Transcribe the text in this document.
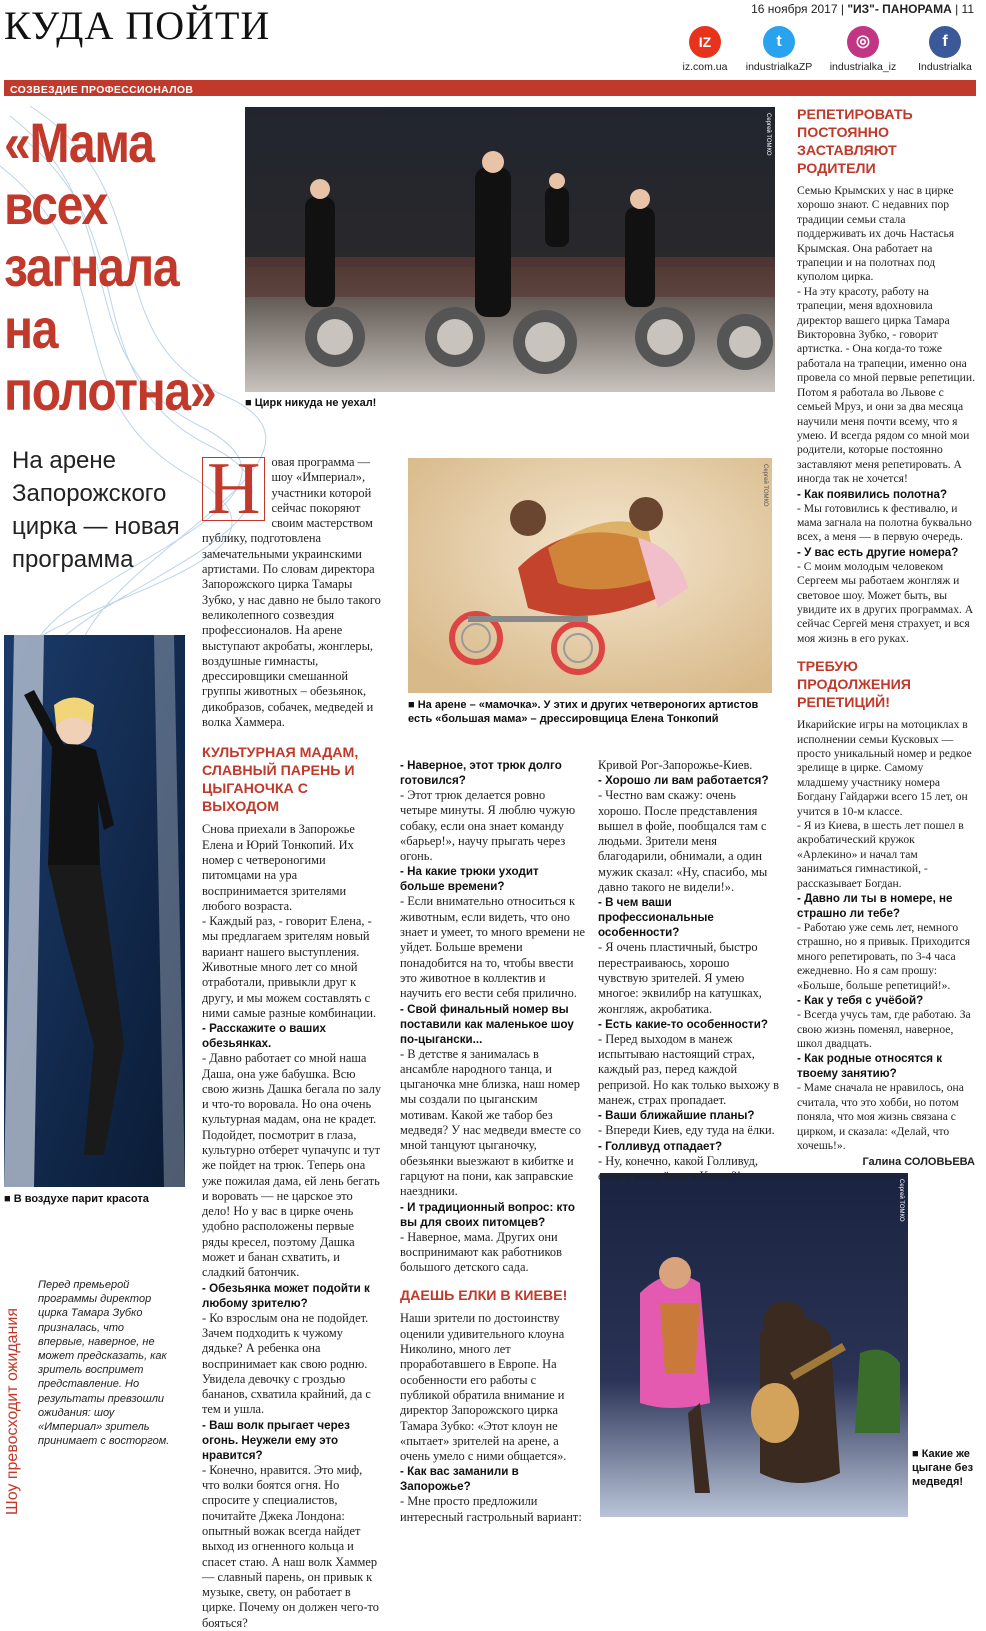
КУДА ПОЙТИ	16 ноября 2017 | "ИЗ"- ПАНОРАМА | 11
IZ
iz.com.ua
t
industrialkaZP
◎
industrialka_iz
f
Industrialka
СОЗВЕЗДИЕ ПРОФЕССИОНАЛОВ
«Мама всех загнала на полотна»
На арене Запорожского цирка — новая программа
Сергей ТОМКО
■ Цирк никуда не уехал!
Сергей ТОМКО
■ На арене – «мамочка». У этих и других четвероногих артистов есть «большая мама» – дрессировщица Елена Тонкопий
■ В воздухе парит красота	Сергей ТОМКО
■ Какие же цыгане без медведя!
Шоу превосходит ожидания
Перед премьерой программы директор цирка Тамара Зубко призналась, что впервые, наверное, не может предсказать, как зритель воспримет представление. Но результаты превзошли ожидания: шоу «Империал» зритель принимает с восторгом.

Н овая программа — шоу «Империал», участники которой сейчас покоряют своим мастерством публику, подготовлена замечательными украинскими артистами. По словам директора Запорожского цирка Тамары Зубко, у нас давно не было такого великолепного созвездия профессионалов. На арене выступают акробаты, жонглеры, воздушные гимнасты, дрессировщики смешанной группы животных – обезьянок, дикобразов, собачек, медведей и волка Хаммера.

КУЛЬТУРНАЯ МАДАМ, СЛАВНЫЙ ПАРЕНЬ И ЦЫГАНОЧКА С ВЫХОДОМ

Снова приехали в Запорожье Елена и Юрий Тонкопий. Их номер с четвероногими питомцами на ура воспринимается зрителями любого возраста.

- Каждый раз, - говорит Елена, - мы предлагаем зрителям новый вариант нашего выступления. Животные много лет со мной отработали, привыкли друг к другу, и мы можем составлять с ними самые разные комбинации.

- Расскажите о ваших обезьянках.

- Давно работает со мной наша Даша, она уже бабушка. Всю свою жизнь Дашка бегала по залу и что-то воровала. Но она очень культурная мадам, она не крадет. Подойдет, посмотрит в глаза, культурно отберет чупачупс и тут же пойдет на трюк. Теперь она уже пожилая дама, ей лень бегать и воровать — не царское это дело! Но у вас в цирке очень удобно расположены первые ряды кресел, поэтому Дашка может и банан схватить, и сладкий батончик.

- Обезьянка может подойти к любому зрителю?

- Ко взрослым она не подойдет. Зачем подходить к чужому дядьке? А ребенка она воспринимает как свою родню. Увидела девочку с гроздью бананов, схватила крайний, да с тем и ушла.

- Ваш волк прыгает через огонь. Неужели ему это нравится?

- Конечно, нравится. Это миф, что волки боятся огня. Но спросите у специалистов, почитайте Джека Лондона: опытный вожак всегда найдет выход из огненного кольца и спасет стаю. А наш волк Хаммер — славный парень, он привык к музыке, свету, он работает в цирке. Почему он должен чего-то бояться?

- Наверное, этот трюк долго готовился?

- Этот трюк делается ровно четыре минуты. Я люблю чужую собаку, если она знает команду «барьер!», научу прыгать через огонь.

- На какие трюки уходит больше времени?

- Если внимательно относиться к животным, если видеть, что оно знает и умеет, то много времени не уйдет. Больше времени понадобится на то, чтобы ввести это животное в коллектив и научить его вести себя прилично.

- Свой финальный номер вы поставили как маленькое шоу по-цыгански...

- В детстве я занималась в ансамбле народного танца, и цыганочка мне близка, наш номер мы создали по цыганским мотивам. Какой же табор без медведя? У нас медведи вместе со мной танцуют цыганочку, обезьянки выезжают в кибитке и гарцуют на пони, как заправские наездники.

- И традиционный вопрос: кто вы для своих питомцев?

- Наверное, мама. Других они воспринимают как работников большого детского сада.

ДАЕШЬ ЕЛКИ В КИЕВЕ!

Наши зрители по достоинству оценили удивительного клоуна Николино, много лет проработавшего в Европе. На особенности его работы с публикой обратила внимание и директор Запорожского цирка Тамара Зубко: «Этот клоун не «пытает» зрителей на арене, а очень умело с ними общается».

- Как вас заманили в Запорожье?

- Мне просто предложили интересный гастрольный вариант:

Кривой Рог-Запорожье-Киев.

- Хорошо ли вам работается?

- Честно вам скажу: очень хорошо. После представления вышел в фойе, пообщался там с людьми. Зрители меня благодарили, обнимали, а один мужик сказал: «Ну, спасибо, мы давно такого не видели!».

- В чем ваши профессиональные особенности?

- Я очень пластичный, быстро перестраиваюсь, хорошо чувствую зрителей. Я умею многое: эквилибр на катушках, жонгляж, акробатика.

- Есть какие-то особенности?

- Перед выходом в манеж испытываю настоящий страх, каждый раз, перед каждой репризой. Но как только выхожу в манеж, страх пропадает.

- Ваши ближайшие планы?

- Впереди Киев, еду туда на ёлки.

- Голливуд отпадает?

- Ну, конечно, какой Голливуд, если у меня ёлки в Киеве?!

РЕПЕТИРОВАТЬ ПОСТОЯННО ЗАСТАВЛЯЮТ РОДИТЕЛИ

Семью Крымских у нас в цирке хорошо знают. С недавних пор традиции семьи стала поддерживать их дочь Настасья Крымская. Она работает на трапеции и на полотнах под куполом цирка.

- На эту красоту, работу на трапеции, меня вдохновила директор вашего цирка Тамара Викторовна Зубко, - говорит артистка. - Она когда-то тоже работала на трапеции, именно она провела со мной первые репетиции. Потом я работала во Львове с семьей Мруз, и они за два месяца научили меня почти всему, что я умею. И всегда рядом со мной мои родители, которые постоянно заставляют меня репетировать. А иногда так не хочется!

- Как появились полотна?

- Мы готовились к фестивалю, и мама загнала на полотна буквально всех, а меня — в первую очередь.

- У вас есть другие номера?

- С моим молодым человеком Сергеем мы работаем жонгляж и световое шоу. Может быть, вы увидите их в других программах. А сейчас Сергей меня страхует, и вся моя жизнь в его руках.

ТРЕБУЮ ПРОДОЛЖЕНИЯ РЕПЕТИЦИЙ!

Икарийские игры на мотоциклах в исполнении семьи Кусковых — просто уникальный номер и редкое зрелище в цирке. Самому младшему участнику номера Богдану Гайдаржи всего 15 лет, он учится в 10-м классе.

- Я из Киева, в шесть лет пошел в акробатический кружок «Арлекино» и начал там заниматься гимнастикой, - рассказывает Богдан.

- Давно ли ты в номере, не страшно ли тебе?

- Работаю уже семь лет, немного страшно, но я привык. Приходится много репетировать, по 3-4 часа ежедневно. Но я сам прошу: «Больше, больше репетиций!».

- Как у тебя с учёбой?

- Всегда учусь там, где работаю. За свою жизнь поменял, наверное, школ двадцать.

- Как родные относятся к твоему занятию?

- Маме сначала не нравилось, она считала, что это хобби, но потом поняла, что моя жизнь связана с цирком, и сказала: «Делай, что хочешь!».

Галина СОЛОВЬЕВА
